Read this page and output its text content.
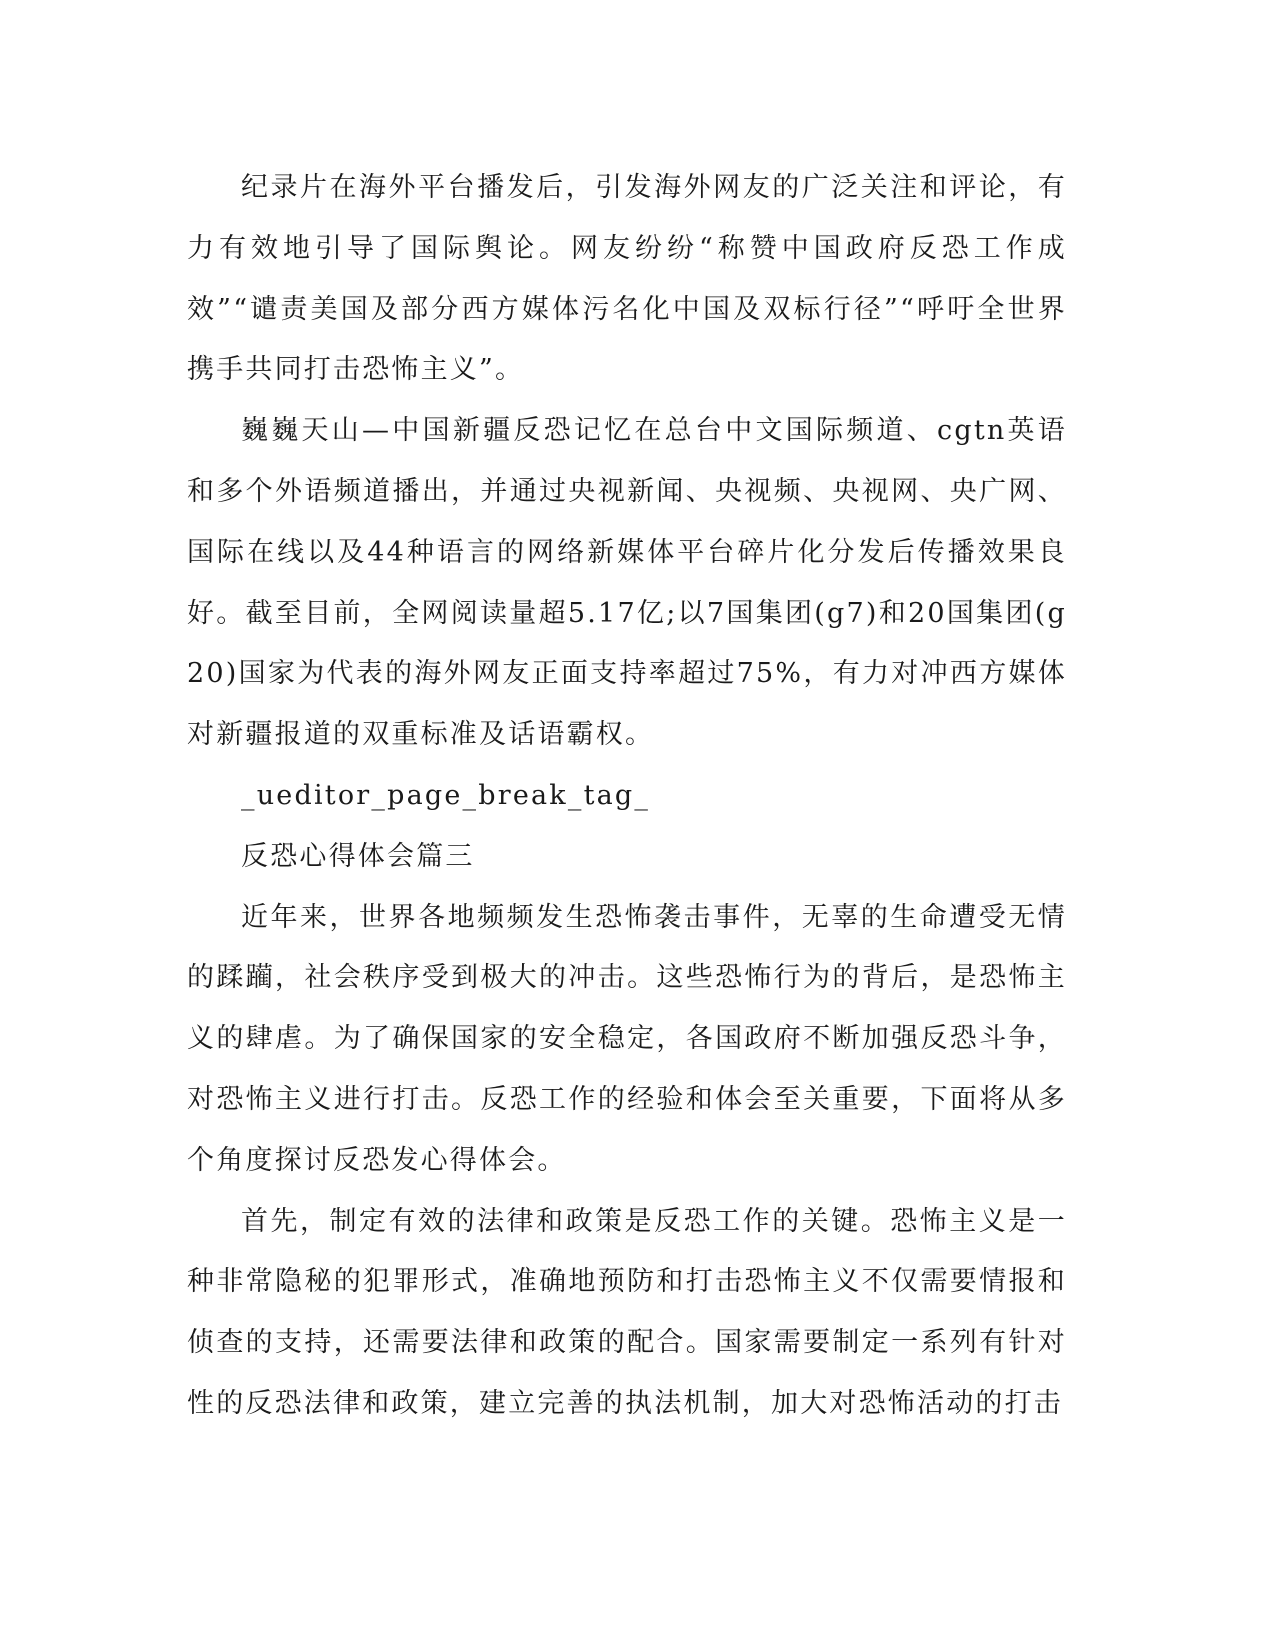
纪录片在海外平台播发后，引发海外网友的广泛关注和评论，有力有效地引导了国际舆论。网友纷纷“称赞中国政府反恐工作成效”“谴责美国及部分西方媒体污名化中国及双标行径”“呼吁全世界携手共同打击恐怖主义”。

巍巍天山—中国新疆反恐记忆在总台中文国际频道、cgtn英语和多个外语频道播出，并通过央视新闻、央视频、央视网、央广网、国际在线以及44种语言的网络新媒体平台碎片化分发后传播效果良好。截至目前，全网阅读量超5.17亿;以7国集团(g7)和20国集团(g20)国家为代表的海外网友正面支持率超过75%，有力对冲西方媒体对新疆报道的双重标准及话语霸权。

_ueditor_page_break_tag_

反恐心得体会篇三

近年来，世界各地频频发生恐怖袭击事件，无辜的生命遭受无情的蹂躏，社会秩序受到极大的冲击。这些恐怖行为的背后，是恐怖主义的肆虐。为了确保国家的安全稳定，各国政府不断加强反恐斗争，对恐怖主义进行打击。反恐工作的经验和体会至关重要，下面将从多个角度探讨反恐发心得体会。

首先，制定有效的法律和政策是反恐工作的关键。恐怖主义是一种非常隐秘的犯罪形式，准确地预防和打击恐怖主义不仅需要情报和侦查的支持，还需要法律和政策的配合。国家需要制定一系列有针对性的反恐法律和政策，建立完善的执法机制，加大对恐怖活动的打击
